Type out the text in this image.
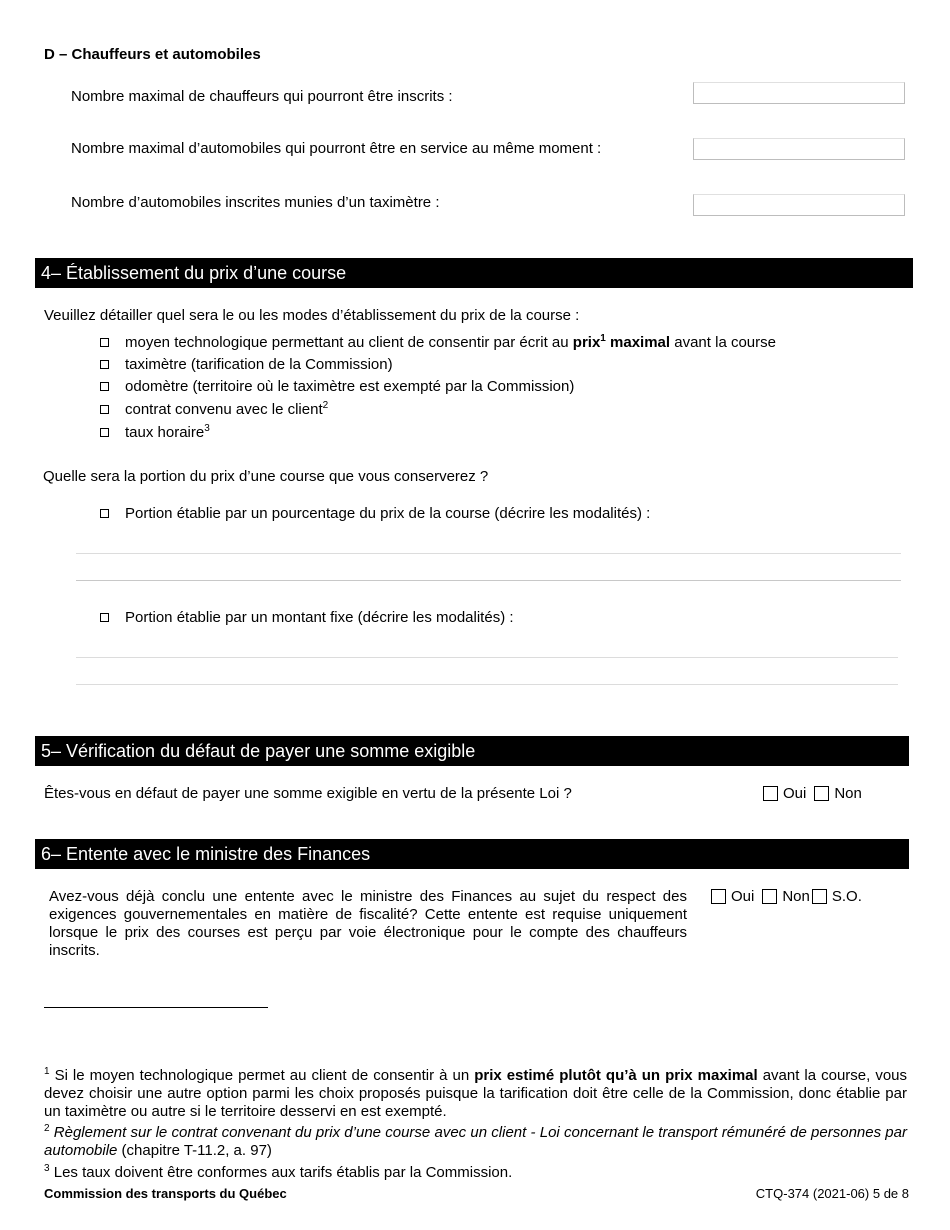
D – Chauffeurs et automobiles
Nombre maximal de chauffeurs qui pourront être inscrits :
Nombre maximal d’automobiles qui pourront être en service au même moment :
Nombre d’automobiles inscrites munies d’un taximètre :
4– Établissement du prix d’une course
Veuillez détailler quel sera le ou les modes d’établissement du prix de la course :
moyen technologique permettant au client de consentir par écrit au prix$^1$ maximal avant la course
taximètre (tarification de la Commission)
odomètre (territoire où le taximètre est exempté par la Commission)
contrat convenu avec le client$^2$
taux horaire$^3$
Quelle sera la portion du prix d’une course que vous conserverez ?
Portion établie par un pourcentage du prix de la course (décrire les modalités) :
Portion établie par un montant fixe (décrire les modalités) :
5– Vérification du défaut de payer une somme exigible
Êtes-vous en défaut de payer une somme exigible en vertu de la présente Loi ?	Oui Non
6– Entente avec le ministre des Finances
Avez-vous déjà conclu une entente avec le ministre des Finances au sujet du respect des exigences gouvernementales en matière de fiscalité? Cette entente est requise uniquement lorsque le prix des courses est perçu par voie électronique pour le compte des chauffeurs inscrits.
Oui Non S.O.
$^1$ Si le moyen technologique permet au client de consentir à un prix estimé plutôt qu’à un prix maximal avant la course, vous devez choisir une autre option parmi les choix proposés puisque la tarification doit être celle de la Commission, donc établie par un taximètre ou autre si le territoire desservi en est exempté.
$^2$ Règlement sur le contrat convenant du prix d’une course avec un client - Loi concernant le transport rémunéré de personnes par automobile (chapitre T-11.2, a. 97)
$^3$ Les taux doivent être conformes aux tarifs établis par la Commission.
Commission des transports du Québec	CTQ-374 (2021-06) 5 de 8
